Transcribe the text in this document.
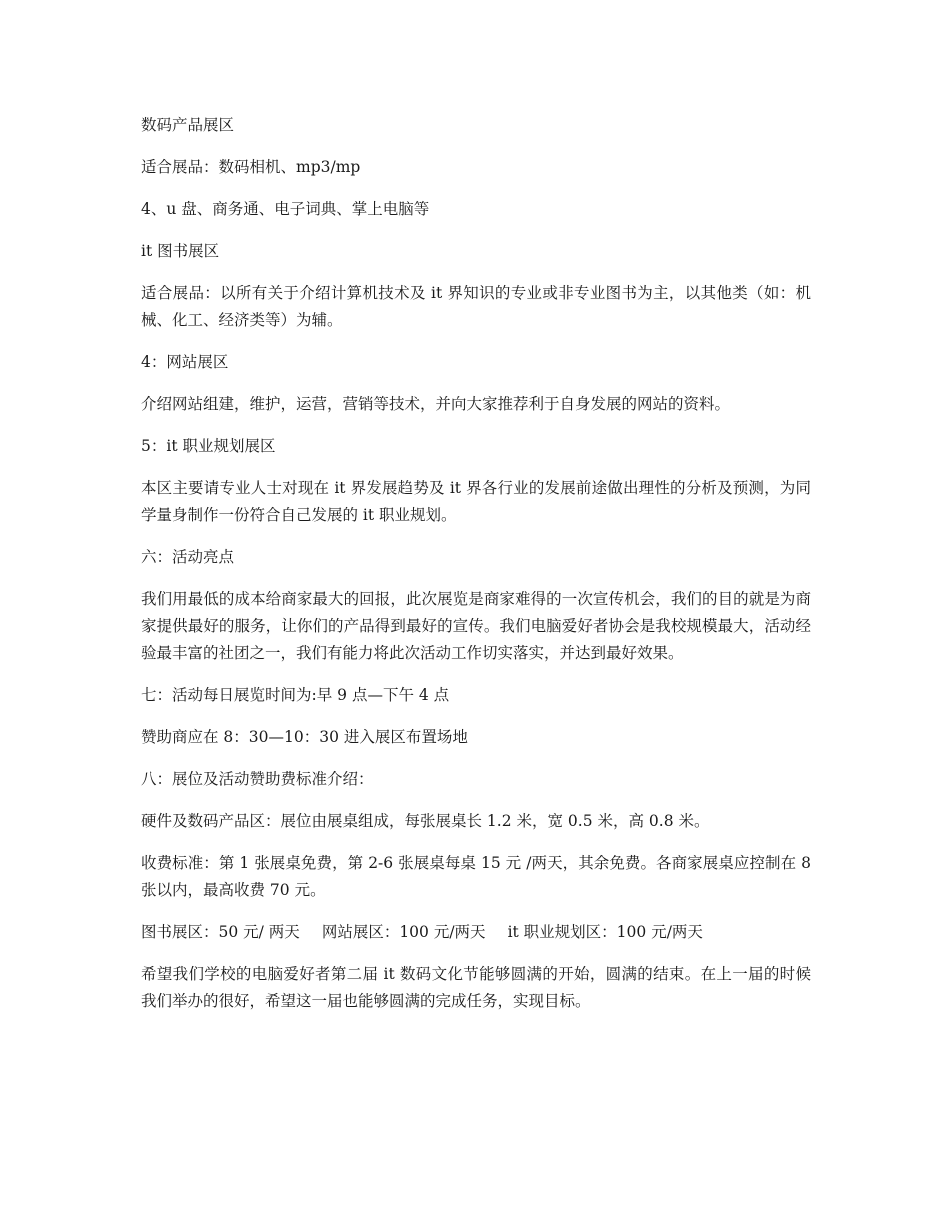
数码产品展区

适合展品：数码相机、mp3/mp

4、u 盘、商务通、电子词典、掌上电脑等

it 图书展区

适合展品：以所有关于介绍计算机技术及 it 界知识的专业或非专业图书为主，以其他类（如：机械、化工、经济类等）为辅。

4：网站展区

介绍网站组建，维护，运营，营销等技术，并向大家推荐利于自身发展的网站的资料。

5：it 职业规划展区

本区主要请专业人士对现在 it 界发展趋势及 it 界各行业的发展前途做出理性的分析及预测，为同学量身制作一份符合自己发展的 it 职业规划。

六：活动亮点

我们用最低的成本给商家最大的回报，此次展览是商家难得的一次宣传机会，我们的目的就是为商家提供最好的服务，让你们的产品得到最好的宣传。我们电脑爱好者协会是我校规模最大，活动经验最丰富的社团之一，我们有能力将此次活动工作切实落实，并达到最好效果。

七：活动每日展览时间为:早 9 点—下午 4 点

赞助商应在 8：30—10：30 进入展区布置场地

八：展位及活动赞助费标准介绍：

硬件及数码产品区：展位由展桌组成，每张展桌长 1.2 米，宽 0.5 米，高 0.8 米。

收费标准：第 1 张展桌免费，第 2-6 张展桌每桌 15 元 /两天，其余免费。各商家展桌应控制在 8 张以内，最高收费 70 元。

图书展区：50 元/ 两天 网站展区：100 元/两天 it 职业规划区：100 元/两天

希望我们学校的电脑爱好者第二届 it 数码文化节能够圆满的开始，圆满的结束。在上一届的时候我们举办的很好，希望这一届也能够圆满的完成任务，实现目标。
